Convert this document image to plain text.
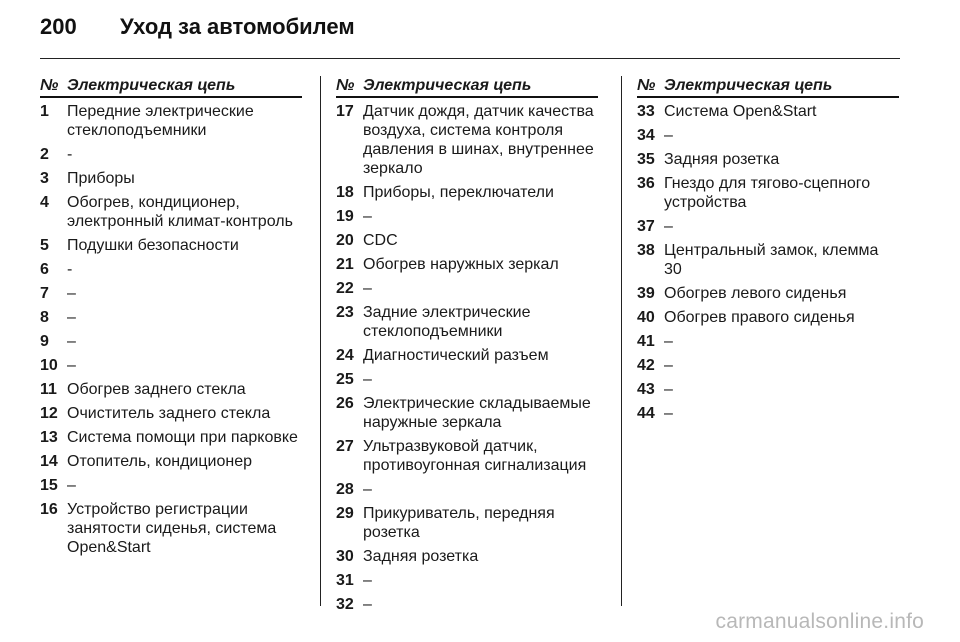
200	Уход за автомобилем
№ Электрическая цепь
1	Передние электрические стеклоподъемники
2	-
3	Приборы
4	Обогрев, кондиционер, электронный климат-контроль
5	Подушки безопасности
6	-
7	–
8	–
9	–
10 –
11 Обогрев заднего стекла
12 Очиститель заднего стекла
13 Система помощи при парковке
14 Отопитель, кондиционер
15 –
16 Устройство регистрации занятости сиденья, система Open&Start
№ Электрическая цепь
17 Датчик дождя, датчик качества воздуха, система контроля давления в шинах, внутреннее зеркало
18 Приборы, переключатели
19 –
20 CDC
21 Обогрев наружных зеркал
22 –
23 Задние электрические стеклоподъемники
24 Диагностический разъем
25 –
26 Электрические складываемые наружные зеркала
27 Ультразвуковой датчик, противоугонная сигнализация
28 –
29 Прикуриватель, передняя розетка
30 Задняя розетка
31 –
32 –
№ Электрическая цепь
33 Система Open&Start
34 –
35 Задняя розетка
36 Гнездо для тягово-сцепного устройства
37 –
38 Центральный замок, клемма 30
39 Обогрев левого сиденья
40 Обогрев правого сиденья
41 –
42 –
43 –
44 –
carmanualsonline.info
